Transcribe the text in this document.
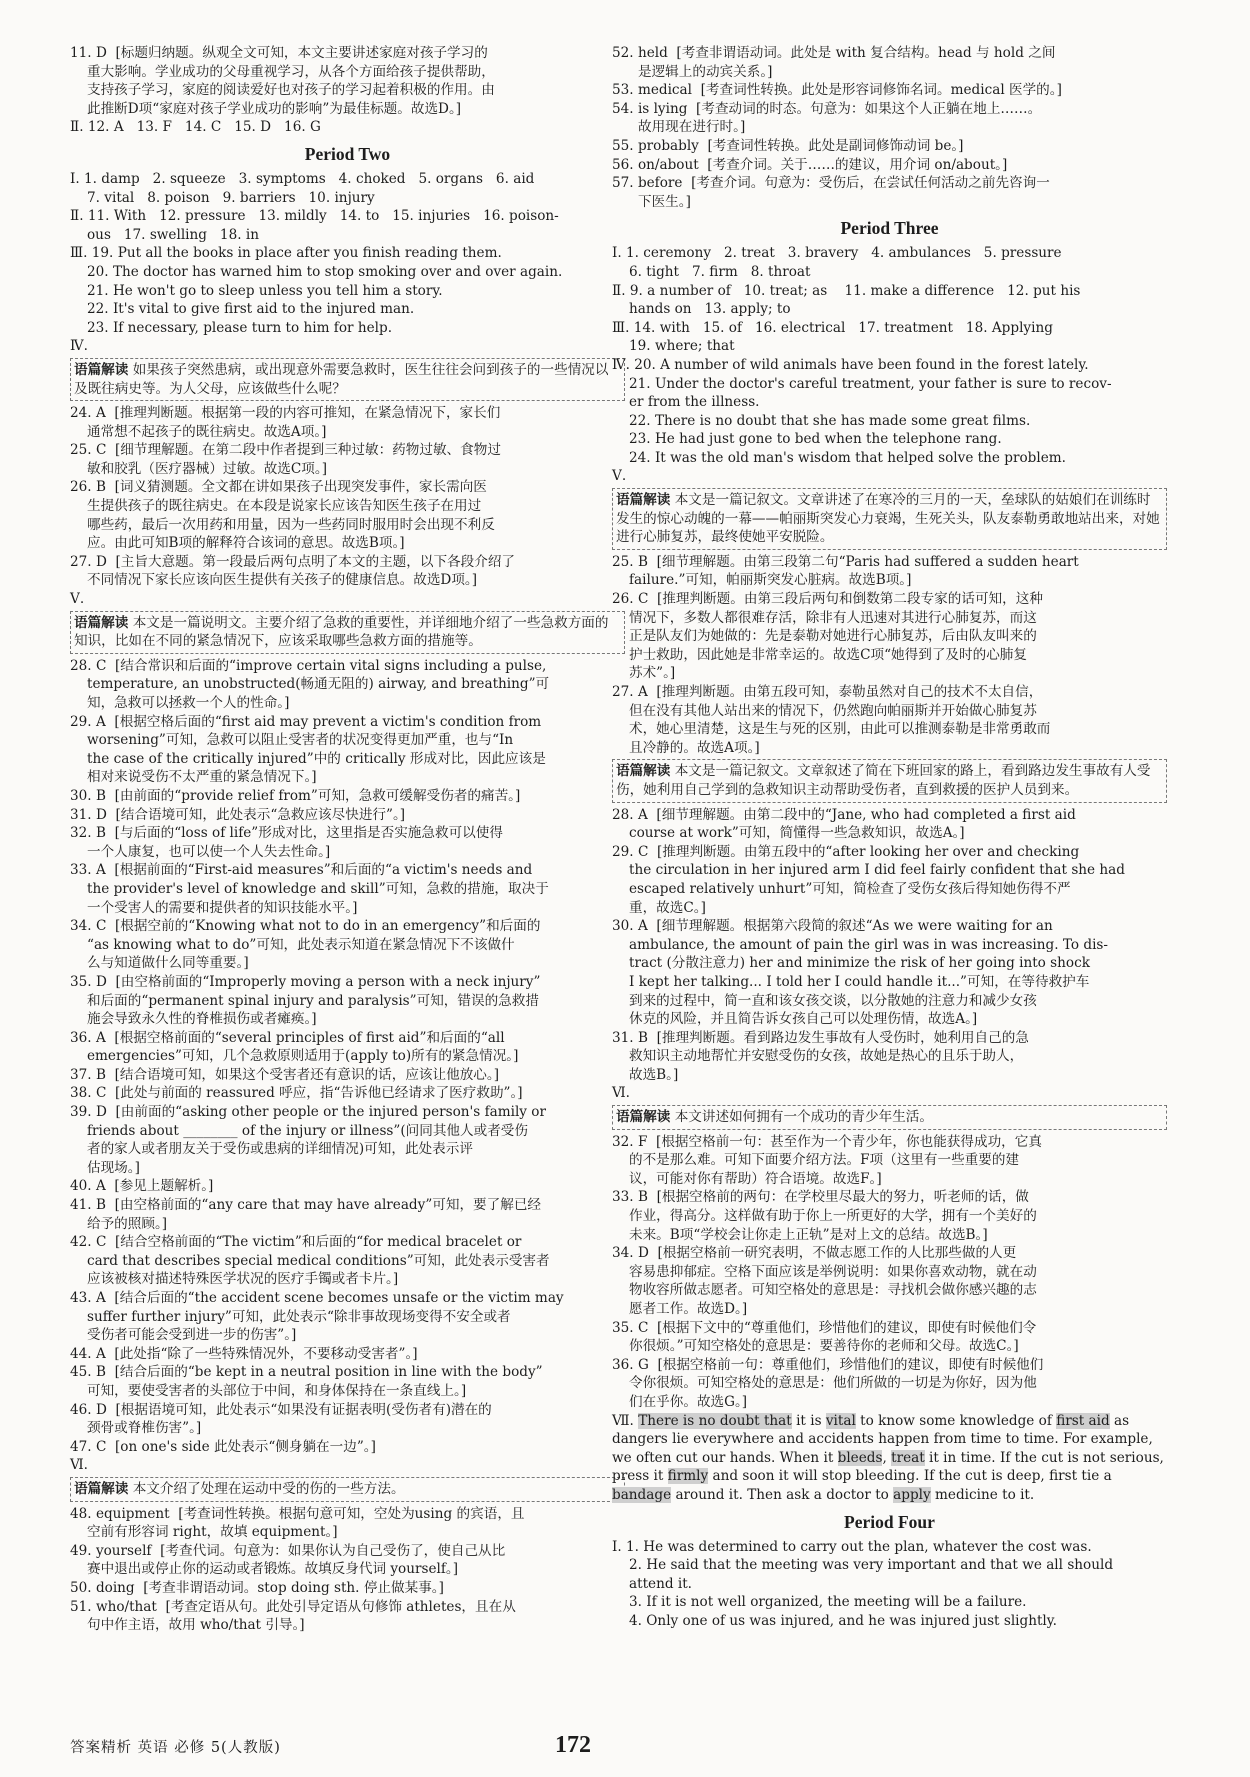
11. D  [标题归纳题。纵观全文可知，本文主要讲述家庭对孩子学习的
重大影响。学业成功的父母重视学习，从各个方面给孩子提供帮助，
支持孩子学习，家庭的阅读爱好也对孩子的学习起着积极的作用。由
此推断D项“家庭对孩子学业成功的影响”为最佳标题。故选D。]
Ⅱ. 12. A   13. F   14. C   15. D   16. G
Period Two
Ⅰ. 1. damp   2. squeeze   3. symptoms   4. choked   5. organs   6. aid
7. vital   8. poison   9. barriers   10. injury
Ⅱ. 11. With   12. pressure   13. mildly   14. to   15. injuries   16. poison-
ous   17. swelling   18. in
Ⅲ. 19. Put all the books in place after you finish reading them.
20. The doctor has warned him to stop smoking over and over again.
21. He won't go to sleep unless you tell him a story.
22. It's vital to give first aid to the injured man.
23. If necessary, please turn to him for help.
Ⅳ.
语篇解读 如果孩子突然患病，或出现意外需要急救时，医生往往会问到孩子的一些情况以及既往病史等。为人父母，应该做些什么呢？
24. A  [推理判断题。根据第一段的内容可推知，在紧急情况下，家长们
通常想不起孩子的既往病史。故选A项。]
25. C  [细节理解题。在第二段中作者提到三种过敏：药物过敏、食物过
敏和胶乳（医疗器械）过敏。故选C项。]
26. B  [词义猜测题。全文都在讲如果孩子出现突发事件，家长需向医
生提供孩子的既往病史。在本段是说家长应该告知医生孩子在用过
哪些药，最后一次用药和用量，因为一些药同时服用时会出现不利反
应。由此可知B项的解释符合该词的意思。故选B项。]
27. D  [主旨大意题。第一段最后两句点明了本文的主题，以下各段介绍了
不同情况下家长应该向医生提供有关孩子的健康信息。故选D项。]
Ⅴ.
语篇解读 本文是一篇说明文。主要介绍了急救的重要性，并详细地介绍了一些急救方面的知识，比如在不同的紧急情况下，应该采取哪些急救方面的措施等。
28. C  [结合常识和后面的“improve certain vital signs including a pulse,
temperature, an unobstructed(畅通无阻的) airway, and breathing”可
知，急救可以拯救一个人的性命。]
29. A  [根据空格后面的“first aid may prevent a victim's condition from
worsening”可知，急救可以阻止受害者的状况变得更加严重，也与“In
the case of the critically injured”中的 critically 形成对比，因此应该是
相对来说受伤不太严重的紧急情况下。]
30. B  [由前面的“provide relief from”可知，急救可缓解受伤者的痛苦。]
31. D  [结合语境可知，此处表示“急救应该尽快进行”。]
32. B  [与后面的“loss of life”形成对比，这里指是否实施急救可以使得
一个人康复，也可以使一个人失去性命。]
33. A  [根据前面的“First-aid measures”和后面的“a victim's needs and
the provider's level of knowledge and skill”可知，急救的措施，取决于
一个受害人的需要和提供者的知识技能水平。]
34. C  [根据空前的“Knowing what not to do in an emergency”和后面的
“as knowing what to do”可知，此处表示知道在紧急情况下不该做什
么与知道做什么同等重要。]
35. D  [由空格前面的“Improperly moving a person with a neck injury”
和后面的“permanent spinal injury and paralysis”可知，错误的急救措
施会导致永久性的脊椎损伤或者瘫痪。]
36. A  [根据空格前面的“several principles of first aid”和后面的“all
emergencies”可知，几个急救原则适用于(apply to)所有的紧急情况。]
37. B  [结合语境可知，如果这个受害者还有意识的话，应该让他放心。]
38. C  [此处与前面的 reassured 呼应，指“告诉他已经请求了医疗救助”。]
39. D  [由前面的“asking other people or the injured person's family or
friends about ________ of the injury or illness”(问同其他人或者受伤
者的家人或者朋友关于受伤或患病的详细情况)可知，此处表示评
估现场。]
40. A  [参见上题解析。]
41. B  [由空格前面的“any care that may have already”可知，要了解已经
给予的照顾。]
42. C  [结合空格前面的“The victim”和后面的“for medical bracelet or
card that describes special medical conditions”可知，此处表示受害者
应该被核对描述特殊医学状况的医疗手镯或者卡片。]
43. A  [结合后面的“the accident scene becomes unsafe or the victim may
suffer further injury”可知，此处表示“除非事故现场变得不安全或者
受伤者可能会受到进一步的伤害”。]
44. A  [此处指“除了一些特殊情况外，不要移动受害者”。]
45. B  [结合后面的“be kept in a neutral position in line with the body”
可知，要使受害者的头部位于中间，和身体保持在一条直线上。]
46. D  [根据语境可知，此处表示“如果没有证据表明(受伤者有)潜在的
颈骨或脊椎伤害”。]
47. C  [on one's side 此处表示“侧身躺在一边”。]
Ⅵ.
语篇解读 本文介绍了处理在运动中受的伤的一些方法。
48. equipment  [考查词性转换。根据句意可知，空处为using 的宾语，且
空前有形容词 right，故填 equipment。]
49. yourself  [考查代词。句意为：如果你认为自己受伤了，使自己从比
赛中退出或停止你的运动或者锻炼。故填反身代词 yourself。]
50. doing  [考查非谓语动词。stop doing sth. 停止做某事。]
51. who/that  [考查定语从句。此处引导定语从句修饰 athletes，且在从
句中作主语，故用 who/that 引导。]
52. held  [考查非谓语动词。此处是 with 复合结构。head 与 hold 之间
是逻辑上的动宾关系。]
53. medical  [考查词性转换。此处是形容词修饰名词。medical 医学的。]
54. is lying  [考查动词的时态。句意为：如果这个人正躺在地上……。
故用现在进行时。]
55. probably  [考查词性转换。此处是副词修饰动词 be。]
56. on/about  [考查介词。关于……的建议，用介词 on/about。]
57. before  [考查介词。句意为：受伤后，在尝试任何活动之前先咨询一
下医生。]
Period Three
Ⅰ. 1. ceremony   2. treat   3. bravery   4. ambulances   5. pressure
6. tight   7. firm   8. throat
Ⅱ. 9. a number of   10. treat; as    11. make a difference   12. put his
hands on   13. apply; to
Ⅲ. 14. with   15. of   16. electrical   17. treatment   18. Applying
19. where; that
Ⅳ. 20. A number of wild animals have been found in the forest lately.
21. Under the doctor's careful treatment, your father is sure to recov-
er from the illness.
22. There is no doubt that she has made some great films.
23. He had just gone to bed when the telephone rang.
24. It was the old man's wisdom that helped solve the problem.
Ⅴ.
语篇解读 本文是一篇记叙文。文章讲述了在寒冷的三月的一天，垒球队的姑娘们在训练时发生的惊心动魄的一幕——帕丽斯突发心力衰竭，生死关头，队友泰勒勇敢地站出来，对她进行心肺复苏，最终使她平安脱险。
25. B  [细节理解题。由第三段第二句“Paris had suffered a sudden heart
failure.”可知，帕丽斯突发心脏病。故选B项。]
26. C  [推理判断题。由第三段后两句和倒数第二段专家的话可知，这种
情况下，多数人都很难存活，除非有人迅速对其进行心肺复苏，而这
正是队友们为她做的：先是泰勒对她进行心肺复苏，后由队友叫来的
护士救助，因此她是非常幸运的。故选C项“她得到了及时的心肺复
苏术”。]
27. A  [推理判断题。由第五段可知，泰勒虽然对自己的技术不太自信，
但在没有其他人站出来的情况下，仍然跑向帕丽斯并开始做心肺复苏
术，她心里清楚，这是生与死的区别，由此可以推测泰勒是非常勇敢而
且冷静的。故选A项。]
语篇解读 本文是一篇记叙文。文章叙述了简在下班回家的路上，看到路边发生事故有人受伤，她利用自己学到的急救知识主动帮助受伤者，直到救援的医护人员到来。
28. A  [细节理解题。由第二段中的“Jane, who had completed a first aid
course at work”可知，简懂得一些急救知识，故选A。]
29. C  [推理判断题。由第五段中的“after looking her over and checking
the circulation in her injured arm I did feel fairly confident that she had
escaped relatively unhurt”可知，简检查了受伤女孩后得知她伤得不严
重，故选C。]
30. A  [细节理解题。根据第六段简的叙述“As we were waiting for an
ambulance, the amount of pain the girl was in was increasing. To dis-
tract (分散注意力) her and minimize the risk of her going into shock
I kept her talking... I told her I could handle it...”可知，在等待救护车
到来的过程中，简一直和该女孩交谈，以分散她的注意力和减少女孩
休克的风险，并且简告诉女孩自己可以处理伤情，故选A。]
31. B  [推理判断题。看到路边发生事故有人受伤时，她利用自己的急
救知识主动地帮忙并安慰受伤的女孩，故她是热心的且乐于助人，
故选B。]
Ⅵ.
语篇解读 本文讲述如何拥有一个成功的青少年生活。
32. F  [根据空格前一句：甚至作为一个青少年，你也能获得成功，它真
的不是那么难。可知下面要介绍方法。F项（这里有一些重要的建
议，可能对你有帮助）符合语境。故选F。]
33. B  [根据空格前的两句：在学校里尽最大的努力，听老师的话，做
作业，得高分。这样做有助于你上一所更好的大学，拥有一个美好的
未来。B项“学校会让你走上正轨”是对上文的总结。故选B。]
34. D  [根据空格前一研究表明，不做志愿工作的人比那些做的人更
容易患抑郁症。空格下面应该是举例说明：如果你喜欢动物，就在动
物收容所做志愿者。可知空格处的意思是：寻找机会做你感兴趣的志
愿者工作。故选D。]
35. C  [根据下文中的“尊重他们，珍惜他们的建议，即使有时候他们令
你很烦。”可知空格处的意思是：要善待你的老师和父母。故选C。]
36. G  [根据空格前一句：尊重他们，珍惜他们的建议，即使有时候他们
令你很烦。可知空格处的意思是：他们所做的一切是为你好，因为他
们在乎你。故选G。]
Ⅶ. There is no doubt that it is vital to know some knowledge of first aid as dangers lie everywhere and accidents happen from time to time. For example, we often cut our hands. When it bleeds, treat it in time. If the cut is not serious, press it firmly and soon it will stop bleeding. If the cut is deep, first tie a bandage around it. Then ask a doctor to apply medicine to it.
Period Four
Ⅰ. 1. He was determined to carry out the plan, whatever the cost was.
2. He said that the meeting was very important and that we all should
attend it.
3. If it is not well organized, the meeting will be a failure.
4. Only one of us was injured, and he was injured just slightly.
答案精析 英语 必修 5(人教版)	172
